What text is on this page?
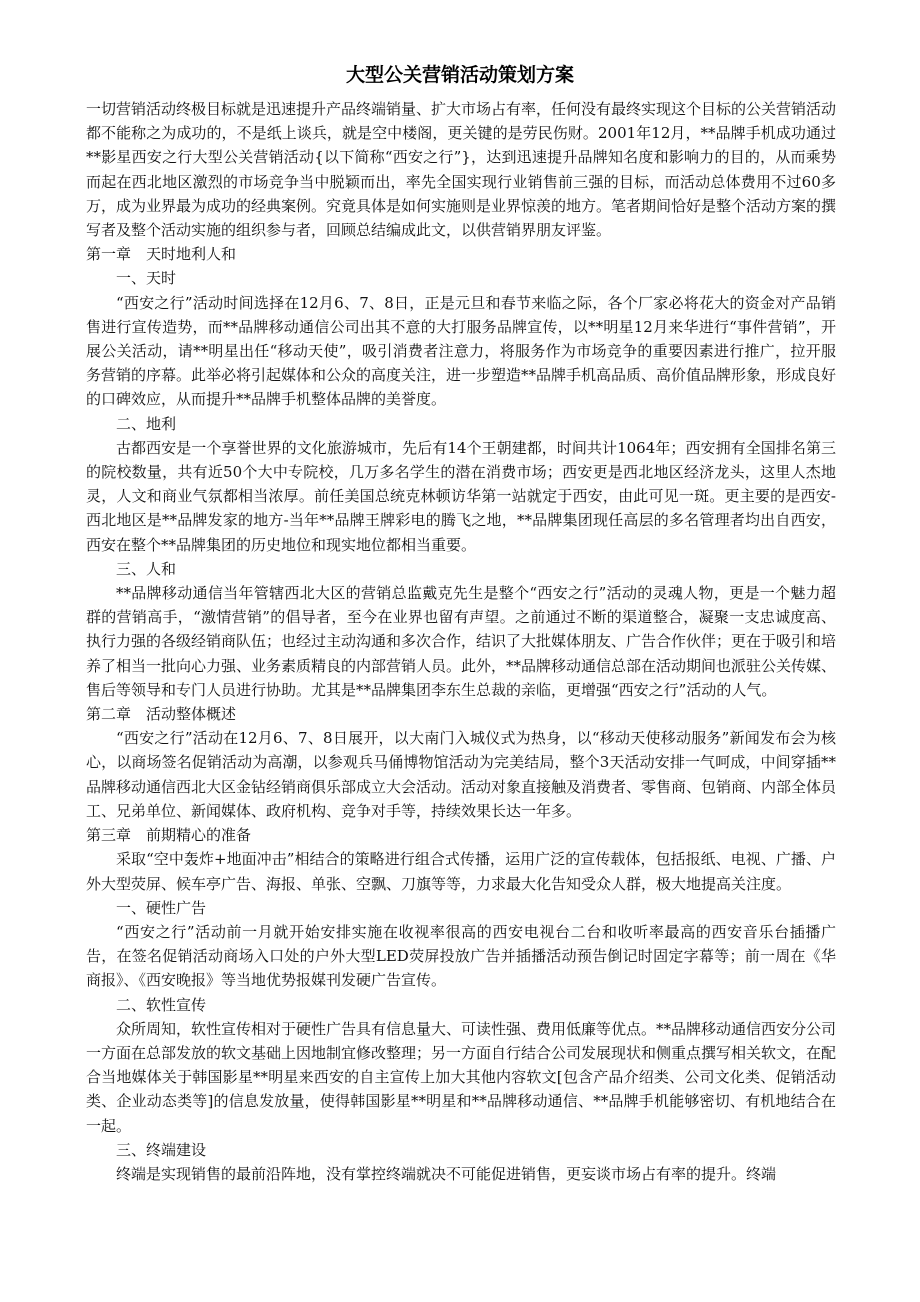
大型公关营销活动策划方案

一切营销活动终极目标就是迅速提升产品终端销量、扩大市场占有率，任何没有最终实现这个目标的公关营销活动都不能称之为成功的，不是纸上谈兵，就是空中楼阁，更关键的是劳民伤财。2001年12月，**品牌手机成功通过**影星西安之行大型公关营销活动{以下简称“西安之行”}，达到迅速提升品牌知名度和影响力的目的，从而乘势而起在西北地区激烈的市场竞争当中脱颖而出，率先全国实现行业销售前三强的目标，而活动总体费用不过60多万，成为业界最为成功的经典案例。究竟具体是如何实施则是业界惊羡的地方。笔者期间恰好是整个活动方案的撰写者及整个活动实施的组织参与者，回顾总结编成此文，以供营销界朋友评鉴。

第一章　天时地利人和

一、天时

“西安之行”活动时间选择在12月6、7、8日，正是元旦和春节来临之际，各个厂家必将花大的资金对产品销售进行宣传造势，而**品牌移动通信公司出其不意的大打服务品牌宣传，以**明星12月来华进行“事件营销”，开展公关活动，请**明星出任“移动天使”，吸引消费者注意力，将服务作为市场竞争的重要因素进行推广，拉开服务营销的序幕。此举必将引起媒体和公众的高度关注，进一步塑造**品牌手机高品质、高价值品牌形象，形成良好的口碑效应，从而提升**品牌手机整体品牌的美誉度。

二、地利

古都西安是一个享誉世界的文化旅游城市，先后有14个王朝建都，时间共计1064年；西安拥有全国排名第三的院校数量，共有近50个大中专院校，几万多名学生的潜在消费市场；西安更是西北地区经济龙头，这里人杰地灵，人文和商业气氛都相当浓厚。前任美国总统克林顿访华第一站就定于西安，由此可见一斑。更主要的是西安-西北地区是**品牌发家的地方-当年**品牌王牌彩电的腾飞之地，**品牌集团现任高层的多名管理者均出自西安，西安在整个**品牌集团的历史地位和现实地位都相当重要。

三、人和

**品牌移动通信当年管辖西北大区的营销总监戴克先生是整个“西安之行”活动的灵魂人物，更是一个魅力超群的营销高手，“激情营销”的倡导者，至今在业界也留有声望。之前通过不断的渠道整合，凝聚一支忠诚度高、执行力强的各级经销商队伍；也经过主动沟通和多次合作，结识了大批媒体朋友、广告合作伙伴；更在于吸引和培养了相当一批向心力强、业务素质精良的内部营销人员。此外，**品牌移动通信总部在活动期间也派驻公关传媒、售后等领导和专门人员进行协助。尤其是**品牌集团李东生总裁的亲临，更增强“西安之行”活动的人气。

第二章　活动整体概述

“西安之行”活动在12月6、7、8日展开，以大南门入城仪式为热身，以“移动天使移动服务”新闻发布会为核心，以商场签名促销活动为高潮，以参观兵马俑博物馆活动为完美结局，整个3天活动安排一气呵成，中间穿插**品牌移动通信西北大区金钻经销商俱乐部成立大会活动。活动对象直接触及消费者、零售商、包销商、内部全体员工、兄弟单位、新闻媒体、政府机构、竞争对手等，持续效果长达一年多。

第三章　前期精心的准备

采取“空中轰炸+地面冲击”相结合的策略进行组合式传播，运用广泛的宣传载体，包括报纸、电视、广播、户外大型荧屏、候车亭广告、海报、单张、空飘、刀旗等等，力求最大化告知受众人群，极大地提高关注度。

一、硬性广告

“西安之行”活动前一月就开始安排实施在收视率很高的西安电视台二台和收听率最高的西安音乐台插播广告，在签名促销活动商场入口处的户外大型LED荧屏投放广告并插播活动预告倒记时固定字幕等；前一周在《华商报》、《西安晚报》等当地优势报媒刊发硬广告宣传。

二、软性宣传

众所周知，软性宣传相对于硬性广告具有信息量大、可读性强、费用低廉等优点。**品牌移动通信西安分公司一方面在总部发放的软文基础上因地制宜修改整理；另一方面自行结合公司发展现状和侧重点撰写相关软文，在配合当地媒体关于韩国影星**明星来西安的自主宣传上加大其他内容软文[包含产品介绍类、公司文化类、促销活动类、企业动态类等]的信息发放量，使得韩国影星**明星和**品牌移动通信、**品牌手机能够密切、有机地结合在一起。

三、终端建设

终端是实现销售的最前沿阵地，没有掌控终端就决不可能促进销售，更妄谈市场占有率的提升。终端
